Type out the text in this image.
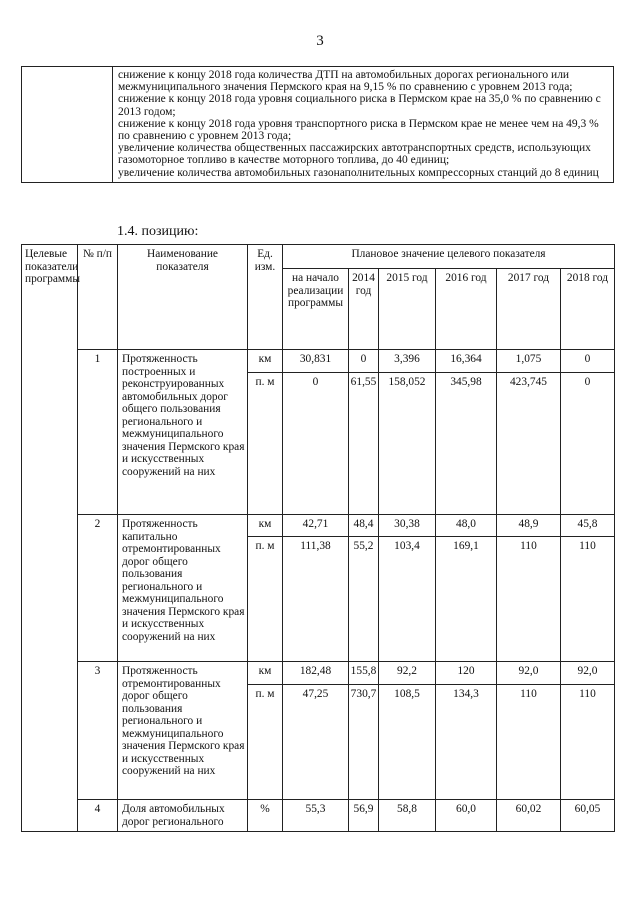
3

снижение к концу 2018 года количества ДТП на автомобильных дорогах регионального или межмуниципального значения Пермского края на 9,15 % по сравнению с уровнем 2013 года;
снижение к концу 2018 года уровня социального риска в Пермском крае на 35,0 % по сравнению с 2013 годом;
снижение к концу 2018 года уровня транспортного риска в Пермском крае не менее чем на 49,3 % по сравнению с уровнем 2013 года;
увеличение количества общественных пассажирских автотранспортных средств, использующих газомоторное топливо в качестве моторного топлива, до 40 единиц;
увеличение количества автомобильных газонаполнительных компрессорных станций до 8 единиц
1.4. позицию:
Целевые показатели программы	№ п/п	Наименование показателя	Ед. изм.	Плановое значение целевого показателя					
				на начало реализации программы	2014 год	2015 год	2016 год	2017 год	2018 год
	1	Протяженность построенных и реконструированных автомобильных дорог общего пользования регионального и межмуниципального значения Пермского края и искусственных сооружений на них	км	30,831	0	3,396	16,364	1,075	0
			п. м	0	61,55	158,052	345,98	423,745	0
	2	Протяженность капитально отремонтированных дорог общего пользования регионального и межмуниципального значения Пермского края и искусственных сооружений на них	км	42,71	48,4	30,38	48,0	48,9	45,8
			п. м	111,38	55,2	103,4	169,1	110	110
	3	Протяженность отремонтированных дорог общего пользования регионального и межмуниципального значения Пермского края и искусственных сооружений на них	км	182,48	155,8	92,2	120	92,0	92,0
			п. м	47,25	730,7	108,5	134,3	110	110
	4	Доля автомобильных дорог регионального	%	55,3	56,9	58,8	60,0	60,02	60,05
